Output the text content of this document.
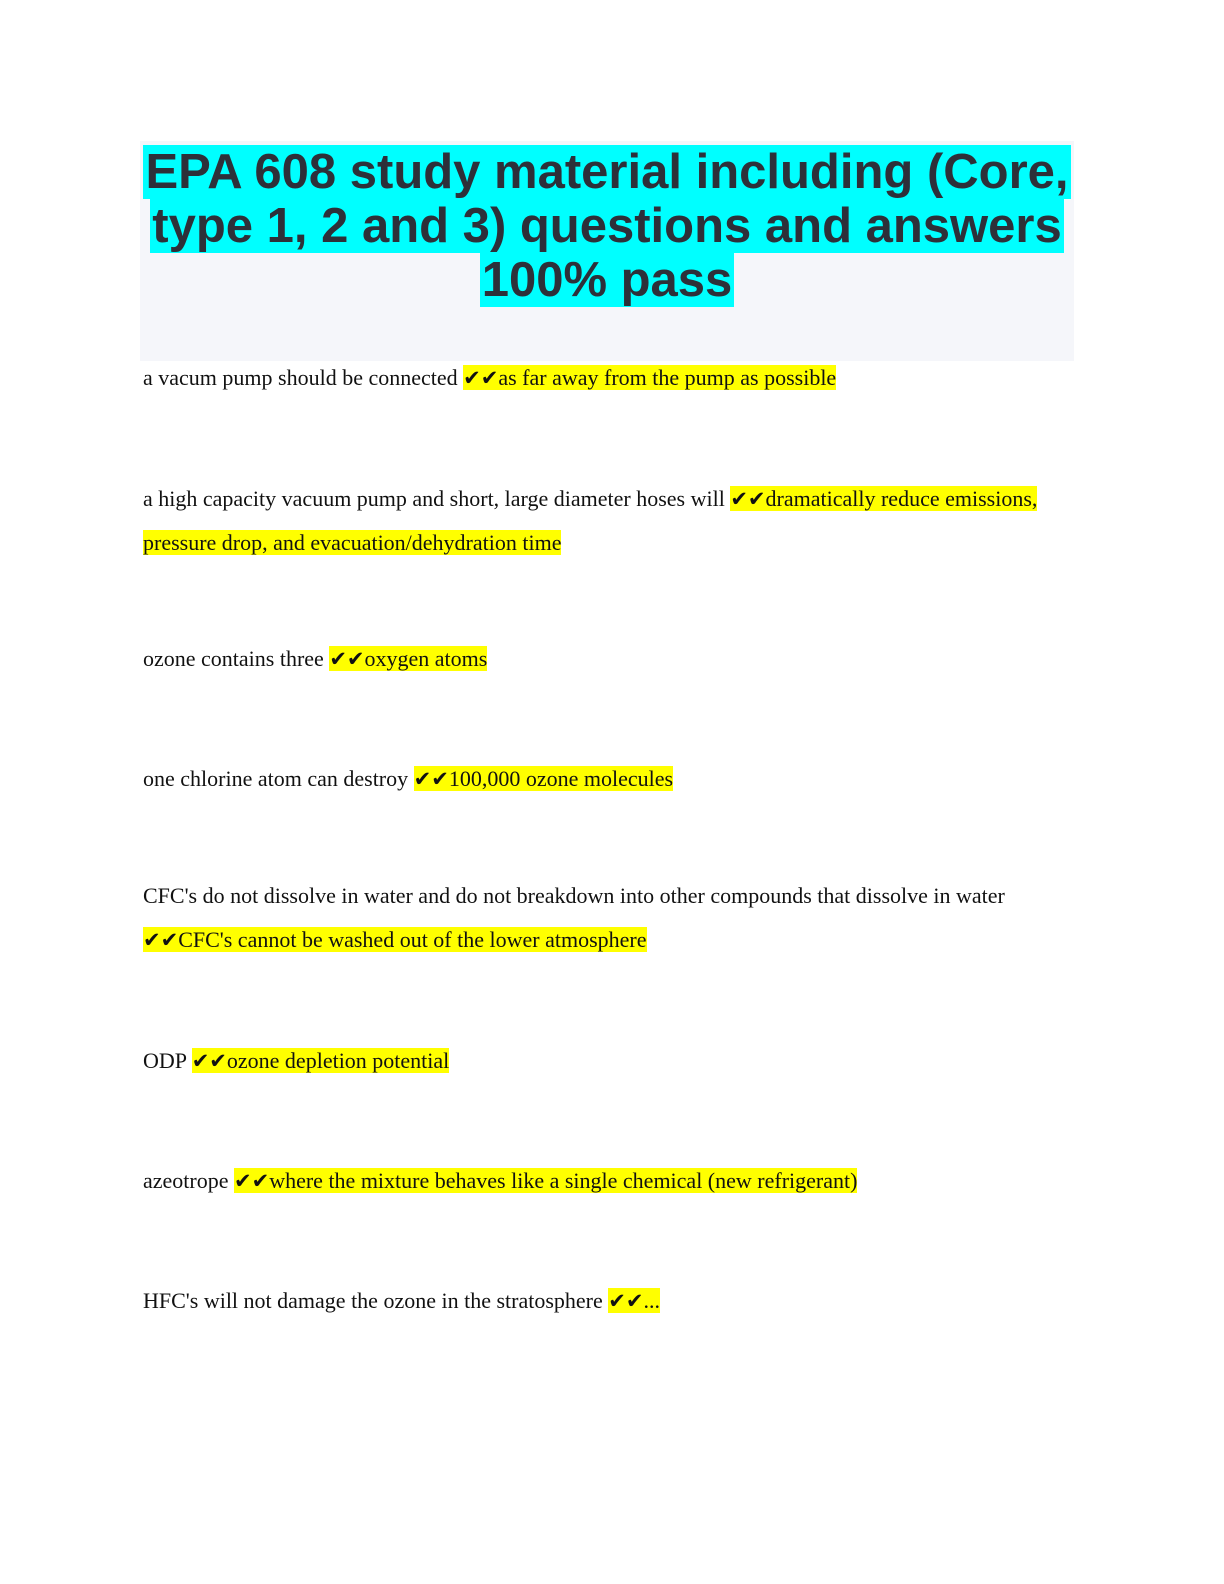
EPA 608 study material including (Core,
type 1, 2 and 3) questions and answers
100% pass
a vacum pump should be connected ✔✔as far away from the pump as possible
a high capacity vacuum pump and short, large diameter hoses will ✔✔dramatically reduce emissions, pressure drop, and evacuation/dehydration time
ozone contains three ✔✔oxygen atoms
one chlorine atom can destroy ✔✔100,000 ozone molecules
CFC's do not dissolve in water and do not breakdown into other compounds that dissolve in water ✔✔CFC's cannot be washed out of the lower atmosphere
ODP ✔✔ozone depletion potential
azeotrope ✔✔where the mixture behaves like a single chemical (new refrigerant)
HFC's will not damage the ozone in the stratosphere ✔✔...
